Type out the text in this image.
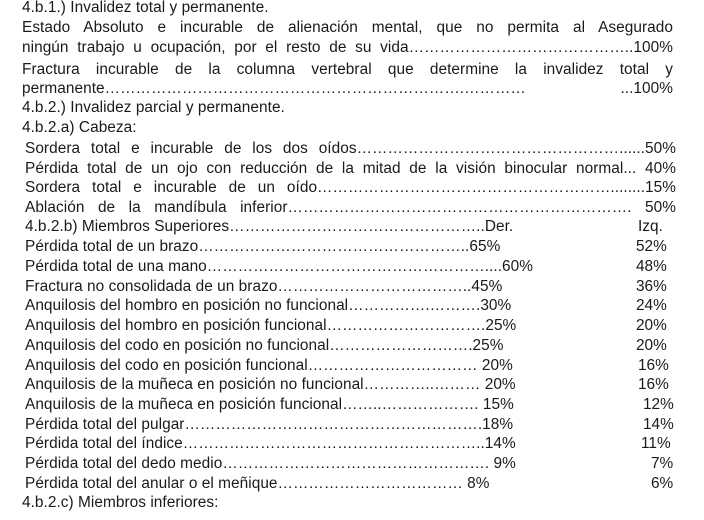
4.b.1.) Invalidez total y permanente.
Estado Absoluto e incurable de alienación mental, que no permita al Asegurado
ningún trabajo u ocupación, por el resto de su vida……………………………………..100%
Fractura incurable de la columna vertebral que determine la invalidez total y
permanente…………………………………………………………….………… ...100%
4.b.2.) Invalidez parcial y permanente.
4.b.2.a) Cabeza:
Sordera total e incurable de los dos oídos……………………………………………......50%
Pérdida total de un ojo con reducción de la mitad de la visión binocular normal... 40%
Sordera total e incurable de un oído…………………………………………………........15%
Ablación de la mandíbula inferior…………………………………………………………. 50%
4.b.2.b) Miembros Superiores…………………………………………..Der.	Izq.
Pérdida total de un brazo……………………………………………..65%	52%
Pérdida total de una mano………………………………………………....60%	48%
Fractura no consolidada de un brazo………………………………..45%	36%
Anquilosis del hombro en posición no funcional…………….……….30%	24%
Anquilosis del hombro en posición funcional………………………….25%	20%
Anquilosis del codo en posición no funcional……………………….25%	20%
Anquilosis del codo en posición funcional…………………………… 20%	16%
Anquilosis de la muñeca en posición no funcional…………..……… 20%	16%
Anquilosis de la muñeca en posición funcional……..………………. 15%	12%
Pérdida total del pulgar………………………………………………….18%	14%
Pérdida total del índice…………………………………………………..14%	11%
Pérdida total del dedo medio……………………………………………. 9%	7%
Pérdida total del anular o el meñique……………………………… 8%	6%
4.b.2.c) Miembros inferiores:
